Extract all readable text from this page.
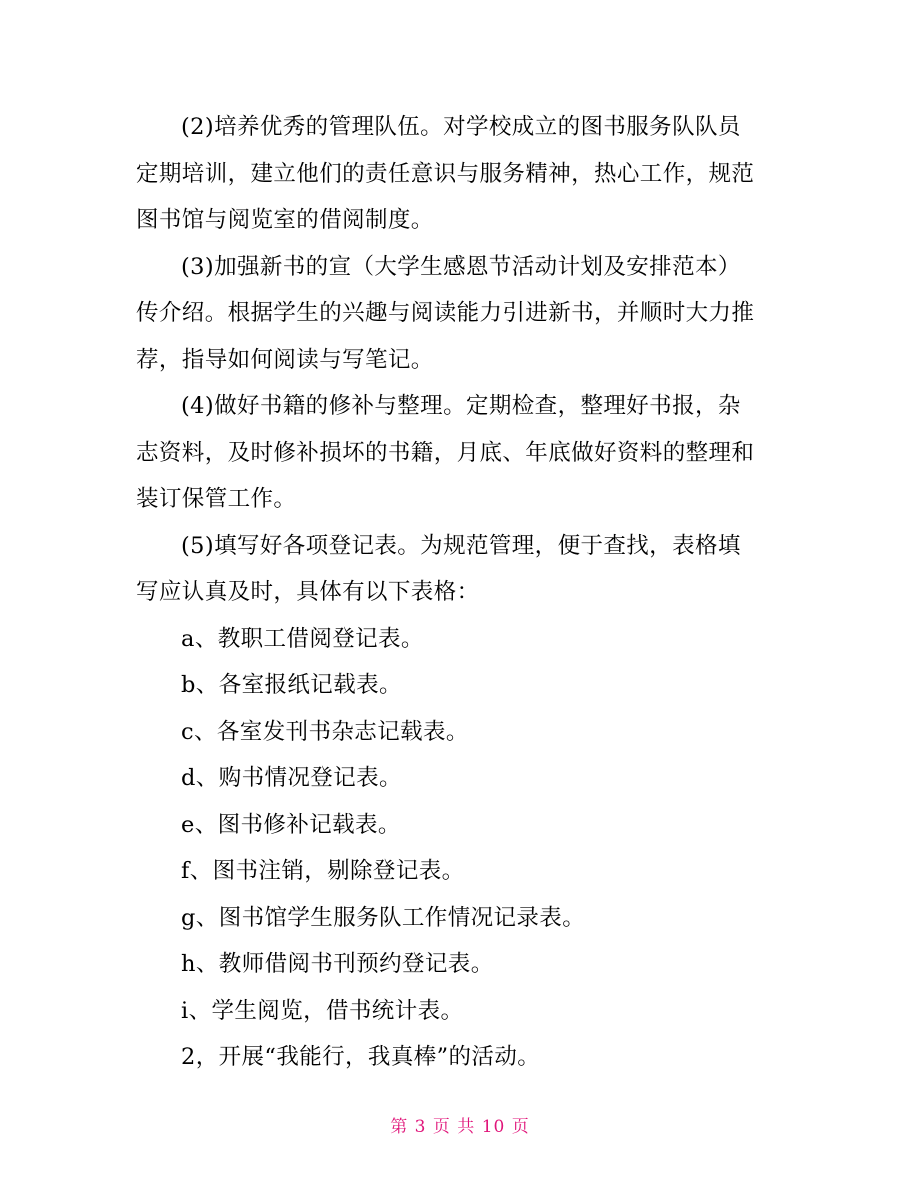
(2)培养优秀的管理队伍。对学校成立的图书服务队队员

定期培训，建立他们的责任意识与服务精神，热心工作，规范

图书馆与阅览室的借阅制度。

(3)加强新书的宣（大学生感恩节活动计划及安排范本）

传介绍。根据学生的兴趣与阅读能力引进新书，并顺时大力推

荐，指导如何阅读与写笔记。

(4)做好书籍的修补与整理。定期检查，整理好书报，杂

志资料，及时修补损坏的书籍，月底、年底做好资料的整理和

装订保管工作。

(5)填写好各项登记表。为规范管理，便于查找，表格填

写应认真及时，具体有以下表格：

a、教职工借阅登记表。

b、各室报纸记载表。

c、各室发刊书杂志记载表。

d、购书情况登记表。

e、图书修补记载表。

f、图书注销，剔除登记表。

g、图书馆学生服务队工作情况记录表。

h、教师借阅书刊预约登记表。

i、学生阅览，借书统计表。

2，开展“我能行，我真棒”的活动。

第 3 页 共 10 页
